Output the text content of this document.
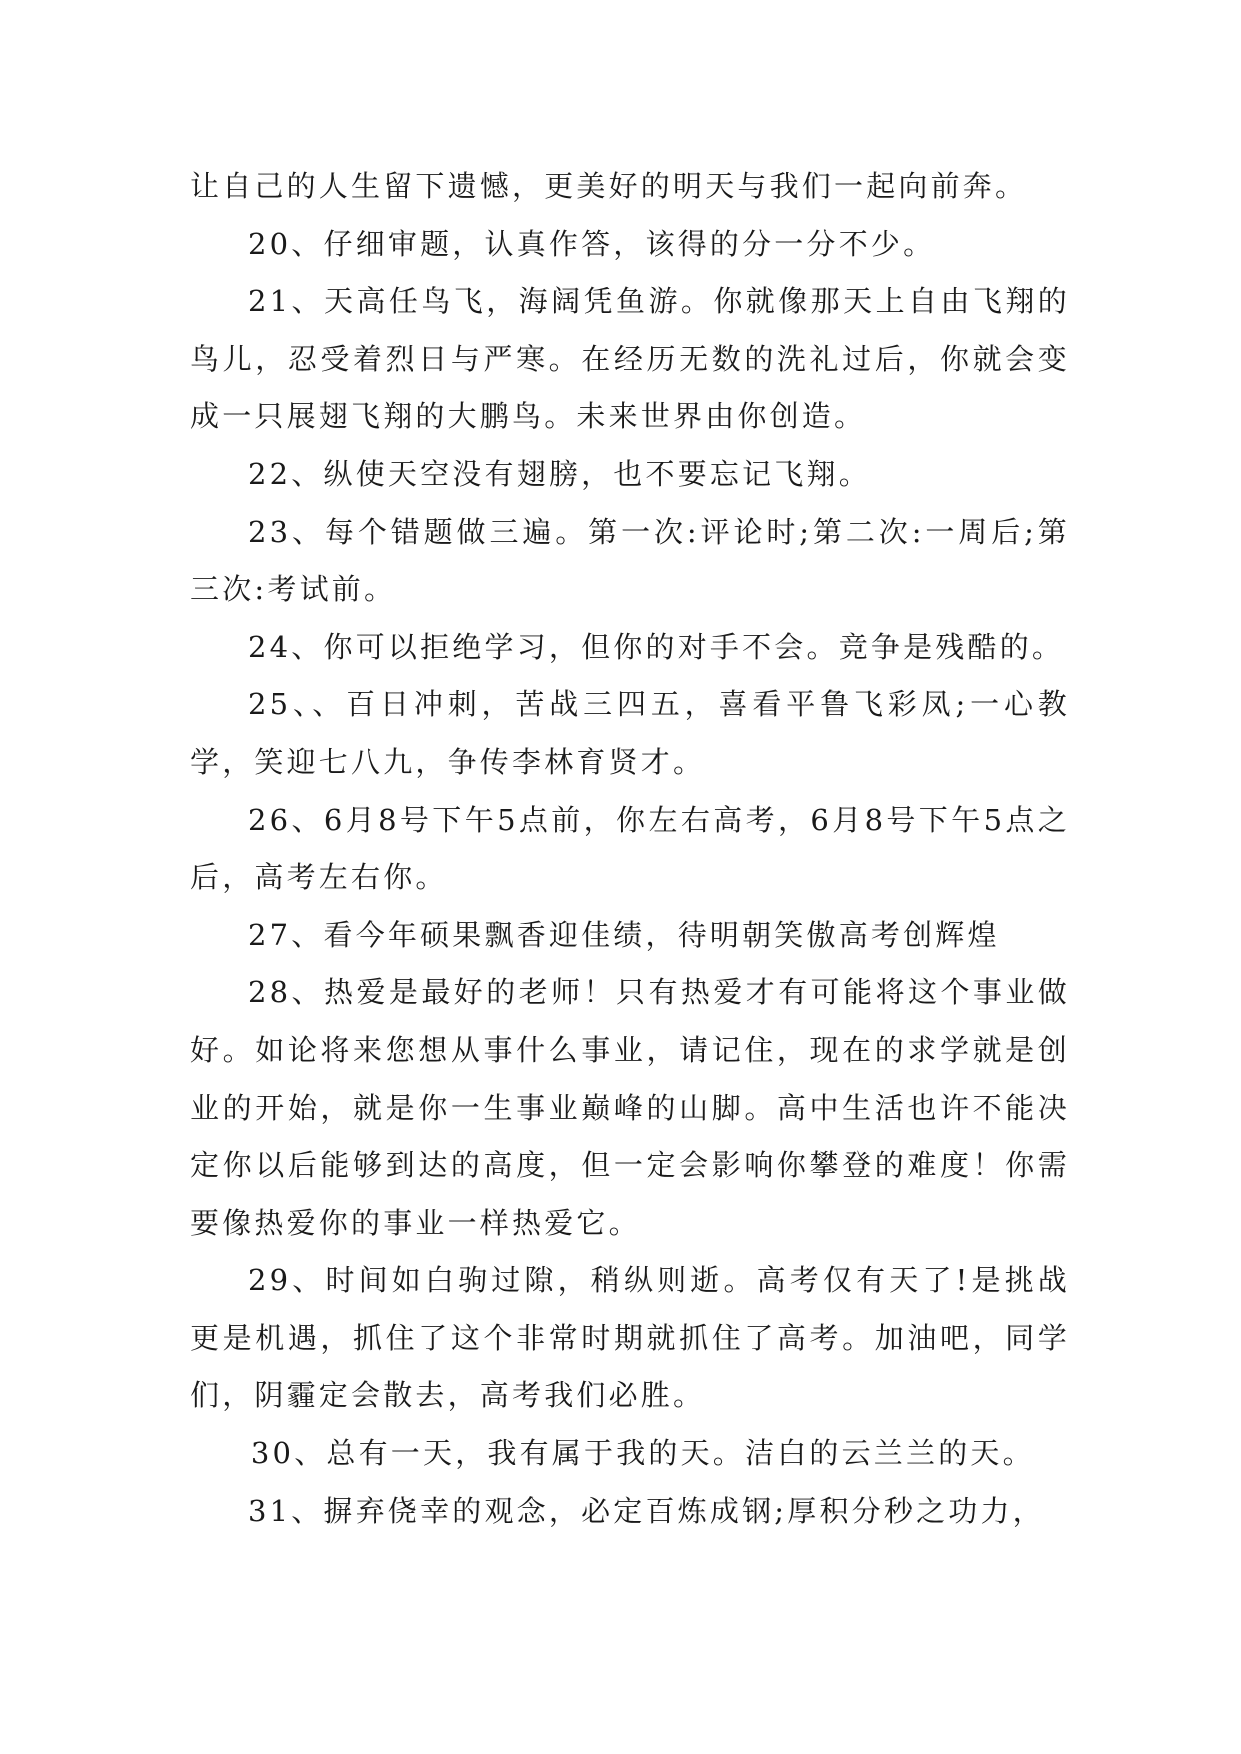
让自己的人生留下遗憾，更美好的明天与我们一起向前奔。

20、仔细审题，认真作答，该得的分一分不少。

21、天高任鸟飞，海阔凭鱼游。你就像那天上自由飞翔的鸟儿，忍受着烈日与严寒。在经历无数的洗礼过后，你就会变成一只展翅飞翔的大鹏鸟。未来世界由你创造。

22、纵使天空没有翅膀，也不要忘记飞翔。

23、每个错题做三遍。第一次:评论时;第二次:一周后;第三次:考试前。

24、你可以拒绝学习，但你的对手不会。竞争是残酷的。

25、、百日冲刺，苦战三四五，喜看平鲁飞彩凤;一心教学，笑迎七八九，争传李林育贤才。

26、6月8号下午5点前，你左右高考，6月8号下午5点之后，高考左右你。

27、看今年硕果飘香迎佳绩，待明朝笑傲高考创辉煌

28、热爱是最好的老师！只有热爱才有可能将这个事业做好。如论将来您想从事什么事业，请记住，现在的求学就是创业的开始，就是你一生事业巅峰的山脚。高中生活也许不能决定你以后能够到达的高度，但一定会影响你攀登的难度！你需要像热爱你的事业一样热爱它。

29、时间如白驹过隙，稍纵则逝。高考仅有天了!是挑战更是机遇，抓住了这个非常时期就抓住了高考。加油吧，同学们，阴霾定会散去，高考我们必胜。

30、总有一天，我有属于我的天。洁白的云兰兰的天。

31、摒弃侥幸的观念，必定百炼成钢;厚积分秒之功力，
